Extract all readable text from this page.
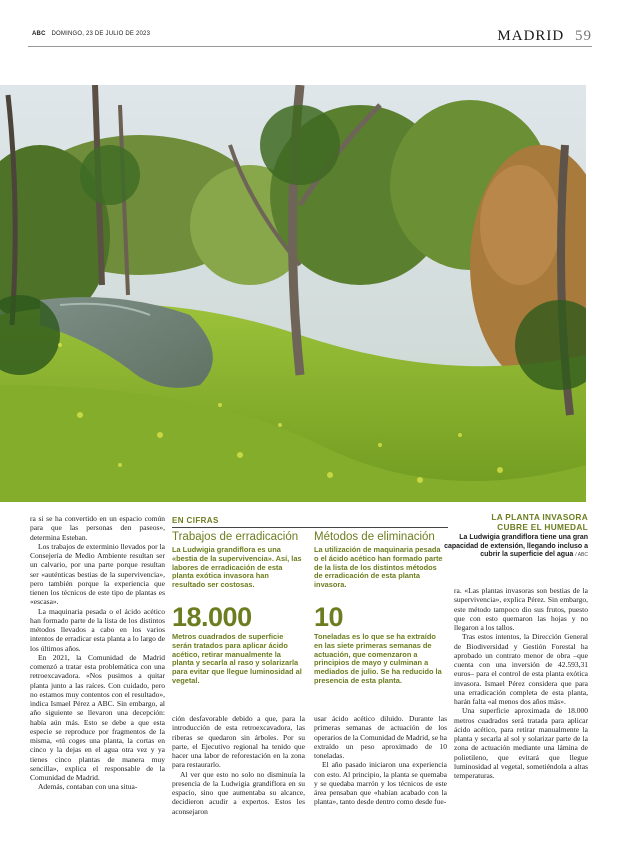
ABC DOMINGO, 23 DE JULIO DE 2023	MADRID 59
LA PLANTA INVASORA
CUBRE EL HUMEDAL
La Ludwigia grandiflora tiene una gran capacidad de extensión, llegando incluso a cubrir la superficie del agua / ABC

ra si se ha convertido en un espacio común para que las personas den paseos», determina Esteban.

Los trabajos de exterminio llevados por la Consejería de Medio Ambiente resultan ser un calvario, por una parte porque resultan ser «auténticas bestias de la supervivencia», pero también porque la experiencia que tienen los técnicos de este tipo de plantas es «escasa».

La maquinaria pesada o el ácido acético han formado parte de la lista de los distintos métodos llevados a cabo en los varios intentos de erradicar esta planta a lo largo de los últimos años.

En 2021, la Comunidad de Madrid comenzó a tratar esta problemática con una retroexcavadora. «Nos pusimos a quitar planta junto a las raíces. Con cuidado, pero no estamos muy contentos con el resultado», indica Ismael Pérez a ABC. Sin embargo, al año siguiente se llevaron una decepción: había aún más. Esto se debe a que esta especie se reproduce por fragmentos de la misma, «tú coges una planta, la cortas en cinco y la dejas en el agua otra vez y ya tienes cinco plantas de manera muy sencilla», explica el responsable de la Comunidad de Madrid.

Además, contaban con una situa-

EN CIFRAS
Trabajos de erradicación
La Ludwigia grandiflora es una «bestia de la supervivencia». Así, las labores de erradicación de esta planta exótica invasora han resultado ser costosas.
18.000
Metros cuadrados de superficie serán tratados para aplicar ácido acético, retirar manualmente la planta y secarla al raso y solarizarla para evitar que llegue luminosidad al vegetal.
Métodos de eliminación
La utilización de maquinaria pesada o el ácido acético han formado parte de la lista de los distintos métodos de erradicación de esta planta invasora.
10
Toneladas es lo que se ha extraído en las siete primeras semanas de actuación, que comenzaron a principios de mayo y culminan a mediados de julio. Se ha reducido la presencia de esta planta.

ción desfavorable debido a que, para la introducción de esta retroexcavadora, las riberas se quedaron sin árboles. Por su parte, el Ejecutivo regional ha tenido que hacer una labor de reforestación en la zona para restaurarlo.

Al ver que esto no solo no disminuía la presencia de la Ludwigia grandiflora en su espacio, sino que aumentaba su alcance, decidieron acudir a expertos. Estos les aconsejaron

usar ácido acético diluido. Durante las primeras semanas de actuación de los operarios de la Comunidad de Madrid, se ha extraído un peso aproximado de 10 toneladas.

El año pasado iniciaron una experiencia con esto. Al principio, la planta se quemaba y se quedaba marrón y los técnicos de este área pensaban que «habían acabado con la planta», tanto desde dentro como desde fue-

ra. «Las plantas invasoras son bestias de la supervivencia», explica Pérez. Sin embargo, este método tampoco dio sus frutos, puesto que con esto quemaron las hojas y no llegaron a los tallos.

Tras estos intentos, la Dirección General de Biodiversidad y Gestión Forestal ha aprobado un contrato menor de obra –que cuenta con una inversión de 42.593,31 euros– para el control de esta planta exótica invasora. Ismael Pérez considera que para una erradicación completa de esta planta, harán falta «al menos dos años más».

Una superficie aproximada de 18.000 metros cuadrados será tratada para aplicar ácido acético, para retirar manualmente la planta y secarla al sol y solarizar parte de la zona de actuación mediante una lámina de polietileno, que evitará que llegue luminosidad al vegetal, sometiéndola a altas temperaturas.
